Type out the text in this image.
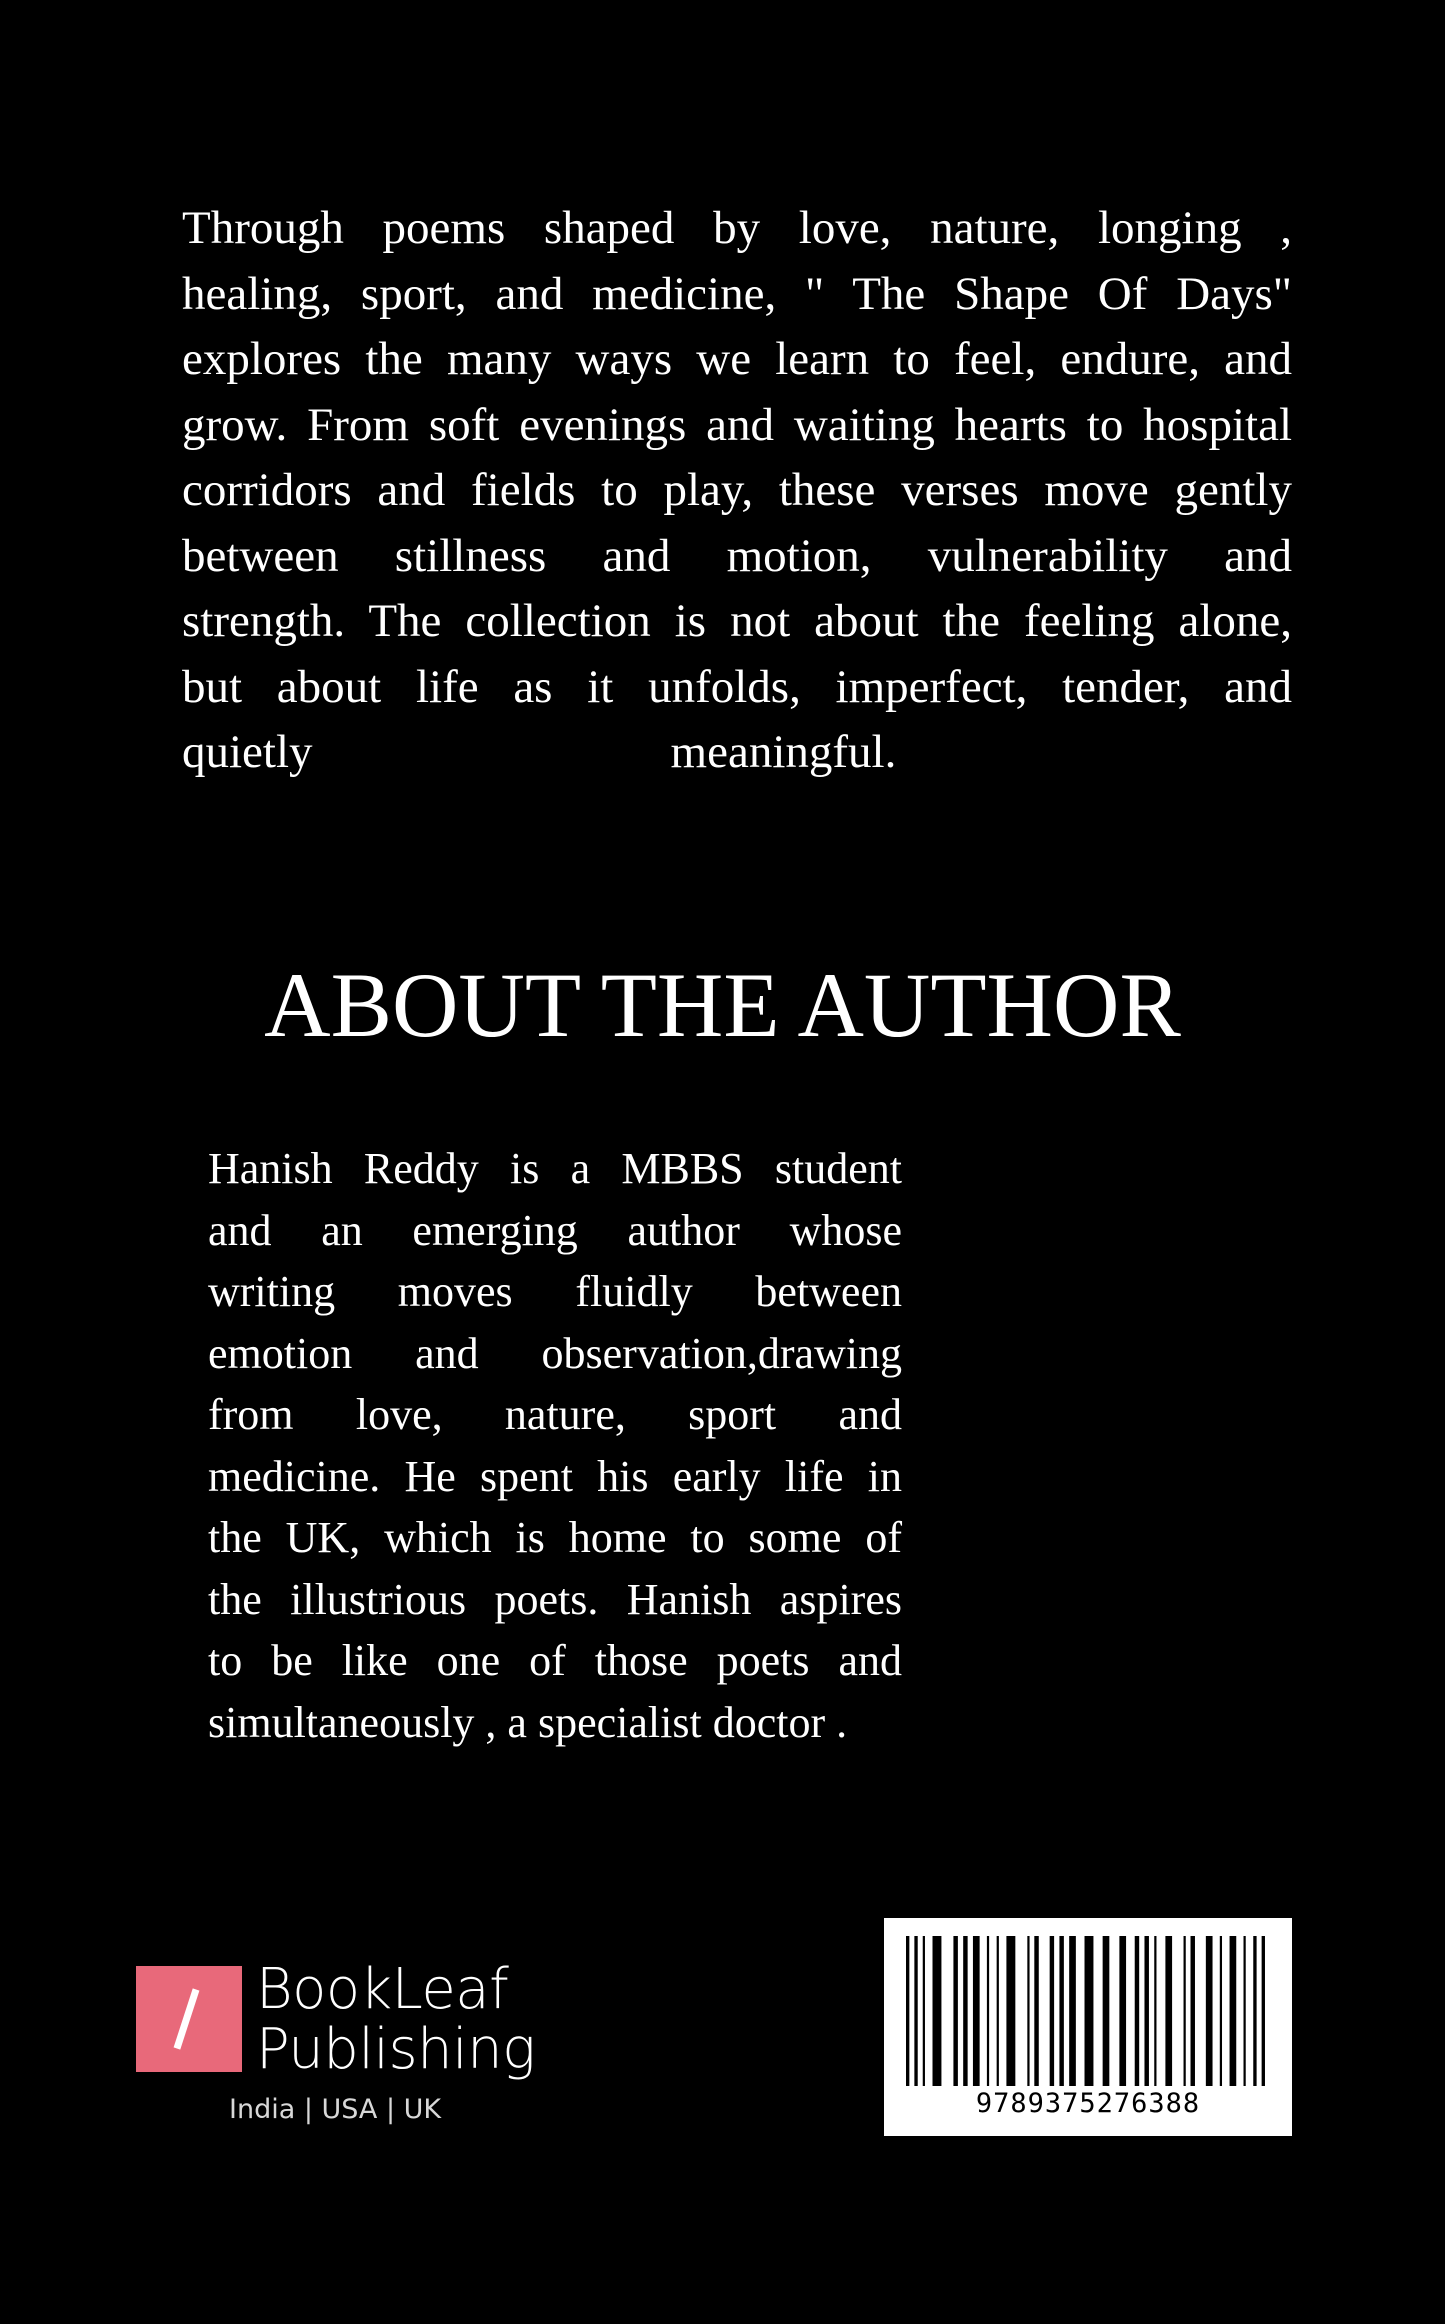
Through poems shaped by love, nature, longing ,
healing, sport, and medicine, " The Shape Of Days"
explores the many ways we learn to feel, endure, and
grow. From soft evenings and waiting hearts to hospital
corridors and fields to play, these verses move gently
between stillness and motion, vulnerability and
strength. The collection is not about the feeling alone,
but about life as it unfolds, imperfect, tender, and
quietly	meaningful.
ABOUT THE AUTHOR
Hanish Reddy is a MBBS student
and an emerging author whose
writing moves fluidly between
emotion and observation,drawing
from love, nature, sport and
medicine. He spent his early life in
the UK, which is home to some of
the illustrious poets. Hanish aspires
to be like one of those poets and
simultaneously , a specialist doctor .
BookLeaf
Publishing
India | USA | UK	9789375276388
